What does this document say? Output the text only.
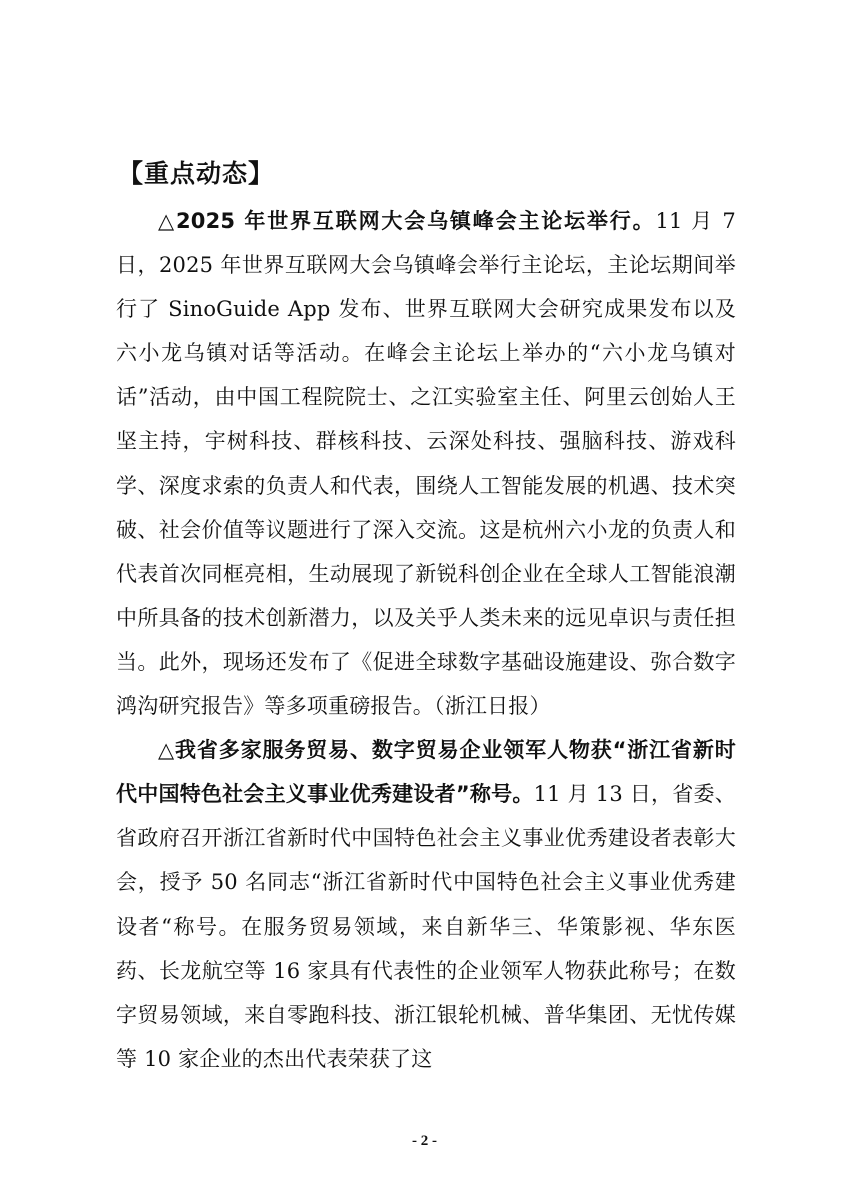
【重点动态】

△2025 年世界互联网大会乌镇峰会主论坛举行。11 月 7 日，2025 年世界互联网大会乌镇峰会举行主论坛，主论坛期间举行了 SinoGuide App 发布、世界互联网大会研究成果发布以及六小龙乌镇对话等活动。在峰会主论坛上举办的“六小龙乌镇对话”活动，由中国工程院院士、之江实验室主任、阿里云创始人王坚主持，宇树科技、群核科技、云深处科技、强脑科技、游戏科学、深度求索的负责人和代表，围绕人工智能发展的机遇、技术突破、社会价值等议题进行了深入交流。这是杭州六小龙的负责人和代表首次同框亮相，生动展现了新锐科创企业在全球人工智能浪潮中所具备的技术创新潜力，以及关乎人类未来的远见卓识与责任担当。此外，现场还发布了《促进全球数字基础设施建设、弥合数字鸿沟研究报告》等多项重磅报告。（浙江日报）

△我省多家服务贸易、数字贸易企业领军人物获“浙江省新时代中国特色社会主义事业优秀建设者”称号。11 月 13 日，省委、省政府召开浙江省新时代中国特色社会主义事业优秀建设者表彰大会，授予 50 名同志“浙江省新时代中国特色社会主义事业优秀建设者“称号。在服务贸易领域，来自新华三、华策影视、华东医药、长龙航空等 16 家具有代表性的企业领军人物获此称号；在数字贸易领域，来自零跑科技、浙江银轮机械、普华集团、无忧传媒等 10 家企业的杰出代表荣获了这

- 2 -
